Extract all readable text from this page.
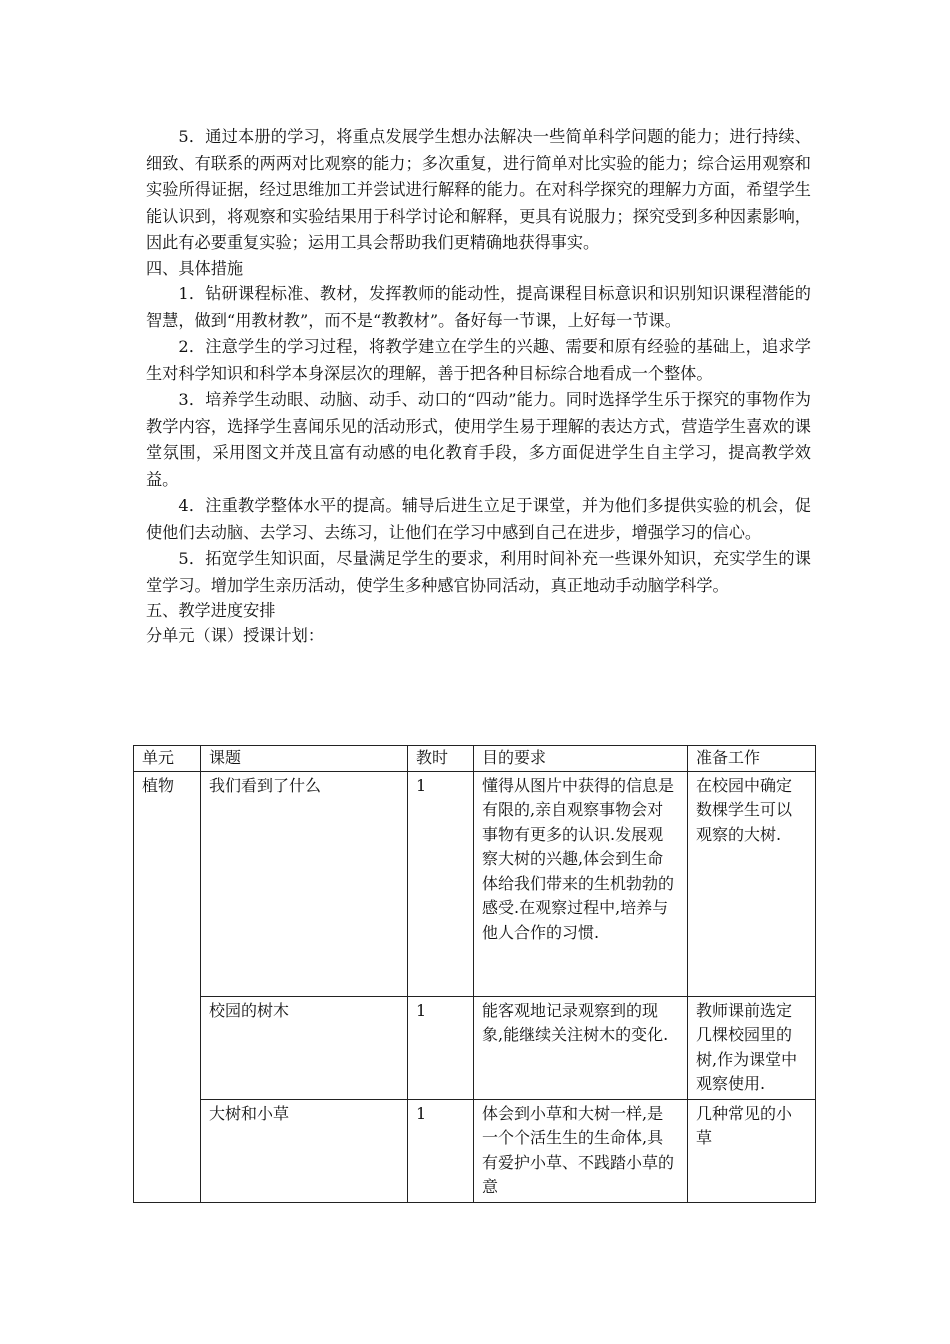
5．通过本册的学习，将重点发展学生想办法解决一些简单科学问题的能力；进行持续、细致、有联系的两两对比观察的能力；多次重复，进行简单对比实验的能力；综合运用观察和实验所得证据，经过思维加工并尝试进行解释的能力。在对科学探究的理解力方面，希望学生能认识到，将观察和实验结果用于科学讨论和解释，更具有说服力；探究受到多种因素影响，因此有必要重复实验；运用工具会帮助我们更精确地获得事实。

四、具体措施

1．钻研课程标准、教材，发挥教师的能动性，提高课程目标意识和识别知识课程潜能的智慧，做到“用教材教”，而不是“教教材”。备好每一节课，上好每一节课。

2．注意学生的学习过程，将教学建立在学生的兴趣、需要和原有经验的基础上，追求学生对科学知识和科学本身深层次的理解，善于把各种目标综合地看成一个整体。

3．培养学生动眼、动脑、动手、动口的“四动”能力。同时选择学生乐于探究的事物作为教学内容，选择学生喜闻乐见的活动形式，使用学生易于理解的表达方式，营造学生喜欢的课堂氛围，采用图文并茂且富有动感的电化教育手段，多方面促进学生自主学习，提高教学效益。

4．注重教学整体水平的提高。辅导后进生立足于课堂，并为他们多提供实验的机会，促使他们去动脑、去学习、去练习，让他们在学习中感到自己在进步，增强学习的信心。

5．拓宽学生知识面，尽量满足学生的要求，利用时间补充一些课外知识，充实学生的课堂学习。增加学生亲历活动，使学生多种感官协同活动，真正地动手动脑学科学。

五、教学进度安排

分单元（课）授课计划：

单元	课题	教时	目的要求	准备工作
植物	我们看到了什么	1	懂得从图片中获得的信息是有限的,亲自观察事物会对事物有更多的认识.发展观察大树的兴趣,体会到生命体给我们带来的生机勃勃的感受.在观察过程中,培养与他人合作的习惯.	在校园中确定数棵学生可以观察的大树.
	校园的树木	1	能客观地记录观察到的现象,能继续关注树木的变化.	教师课前选定几棵校园里的树,作为课堂中观察使用.
	大树和小草	1	体会到小草和大树一样,是一个个活生生的生命体,具有爱护小草、不践踏小草的意	几种常见的小草
